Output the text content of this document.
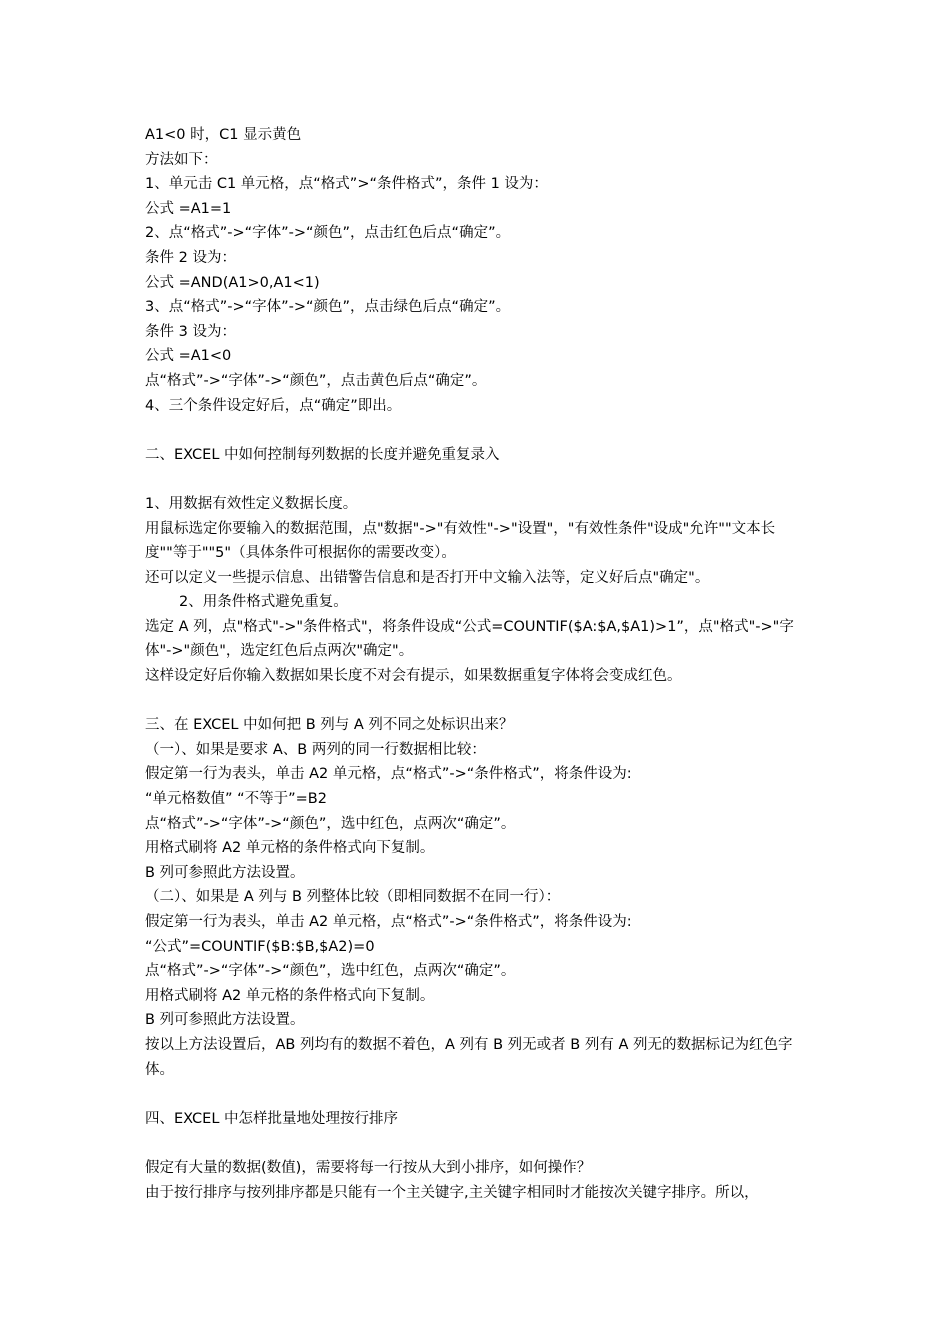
A1<0 时，C1 显示黄色
方法如下：
1、单元击 C1 单元格，点“格式”>“条件格式”，条件 1 设为：
公式 =A1=1
2、点“格式”->“字体”->“颜色”，点击红色后点“确定”。
条件 2 设为：
公式 =AND(A1>0,A1<1)
3、点“格式”->“字体”->“颜色”，点击绿色后点“确定”。
条件 3 设为：
公式 =A1<0
点“格式”->“字体”->“颜色”，点击黄色后点“确定”。
4、三个条件设定好后，点“确定”即出。
二、EXCEL 中如何控制每列数据的长度并避免重复录入
1、用数据有效性定义数据长度。
用鼠标选定你要输入的数据范围，点"数据"->"有效性"->"设置"，"有效性条件"设成"允许""文本长度""等于""5"（具体条件可根据你的需要改变）。
还可以定义一些提示信息、出错警告信息和是否打开中文输入法等，定义好后点"确定"。
2、用条件格式避免重复。
选定 A 列，点"格式"->"条件格式"，将条件设成“公式=COUNTIF($A:$A,$A1)>1”，点"格式"->"字体"->"颜色"，选定红色后点两次"确定"。
这样设定好后你输入数据如果长度不对会有提示，如果数据重复字体将会变成红色。
三、在 EXCEL 中如何把 B 列与 A 列不同之处标识出来？
（一）、如果是要求 A、B 两列的同一行数据相比较：
假定第一行为表头，单击 A2 单元格，点“格式”->“条件格式”，将条件设为:
“单元格数值” “不等于”=B2
点“格式”->“字体”->“颜色”，选中红色，点两次“确定”。
用格式刷将 A2 单元格的条件格式向下复制。
B 列可参照此方法设置。
（二）、如果是 A 列与 B 列整体比较（即相同数据不在同一行）：
假定第一行为表头，单击 A2 单元格，点“格式”->“条件格式”，将条件设为:
“公式”=COUNTIF($B:$B,$A2)=0
点“格式”->“字体”->“颜色”，选中红色，点两次“确定”。
用格式刷将 A2 单元格的条件格式向下复制。
B 列可参照此方法设置。
按以上方法设置后，AB 列均有的数据不着色，A 列有 B 列无或者 B 列有 A 列无的数据标记为红色字体。
四、EXCEL 中怎样批量地处理按行排序
假定有大量的数据(数值)，需要将每一行按从大到小排序，如何操作？
由于按行排序与按列排序都是只能有一个主关键字,主关键字相同时才能按次关键字排序。所以，
